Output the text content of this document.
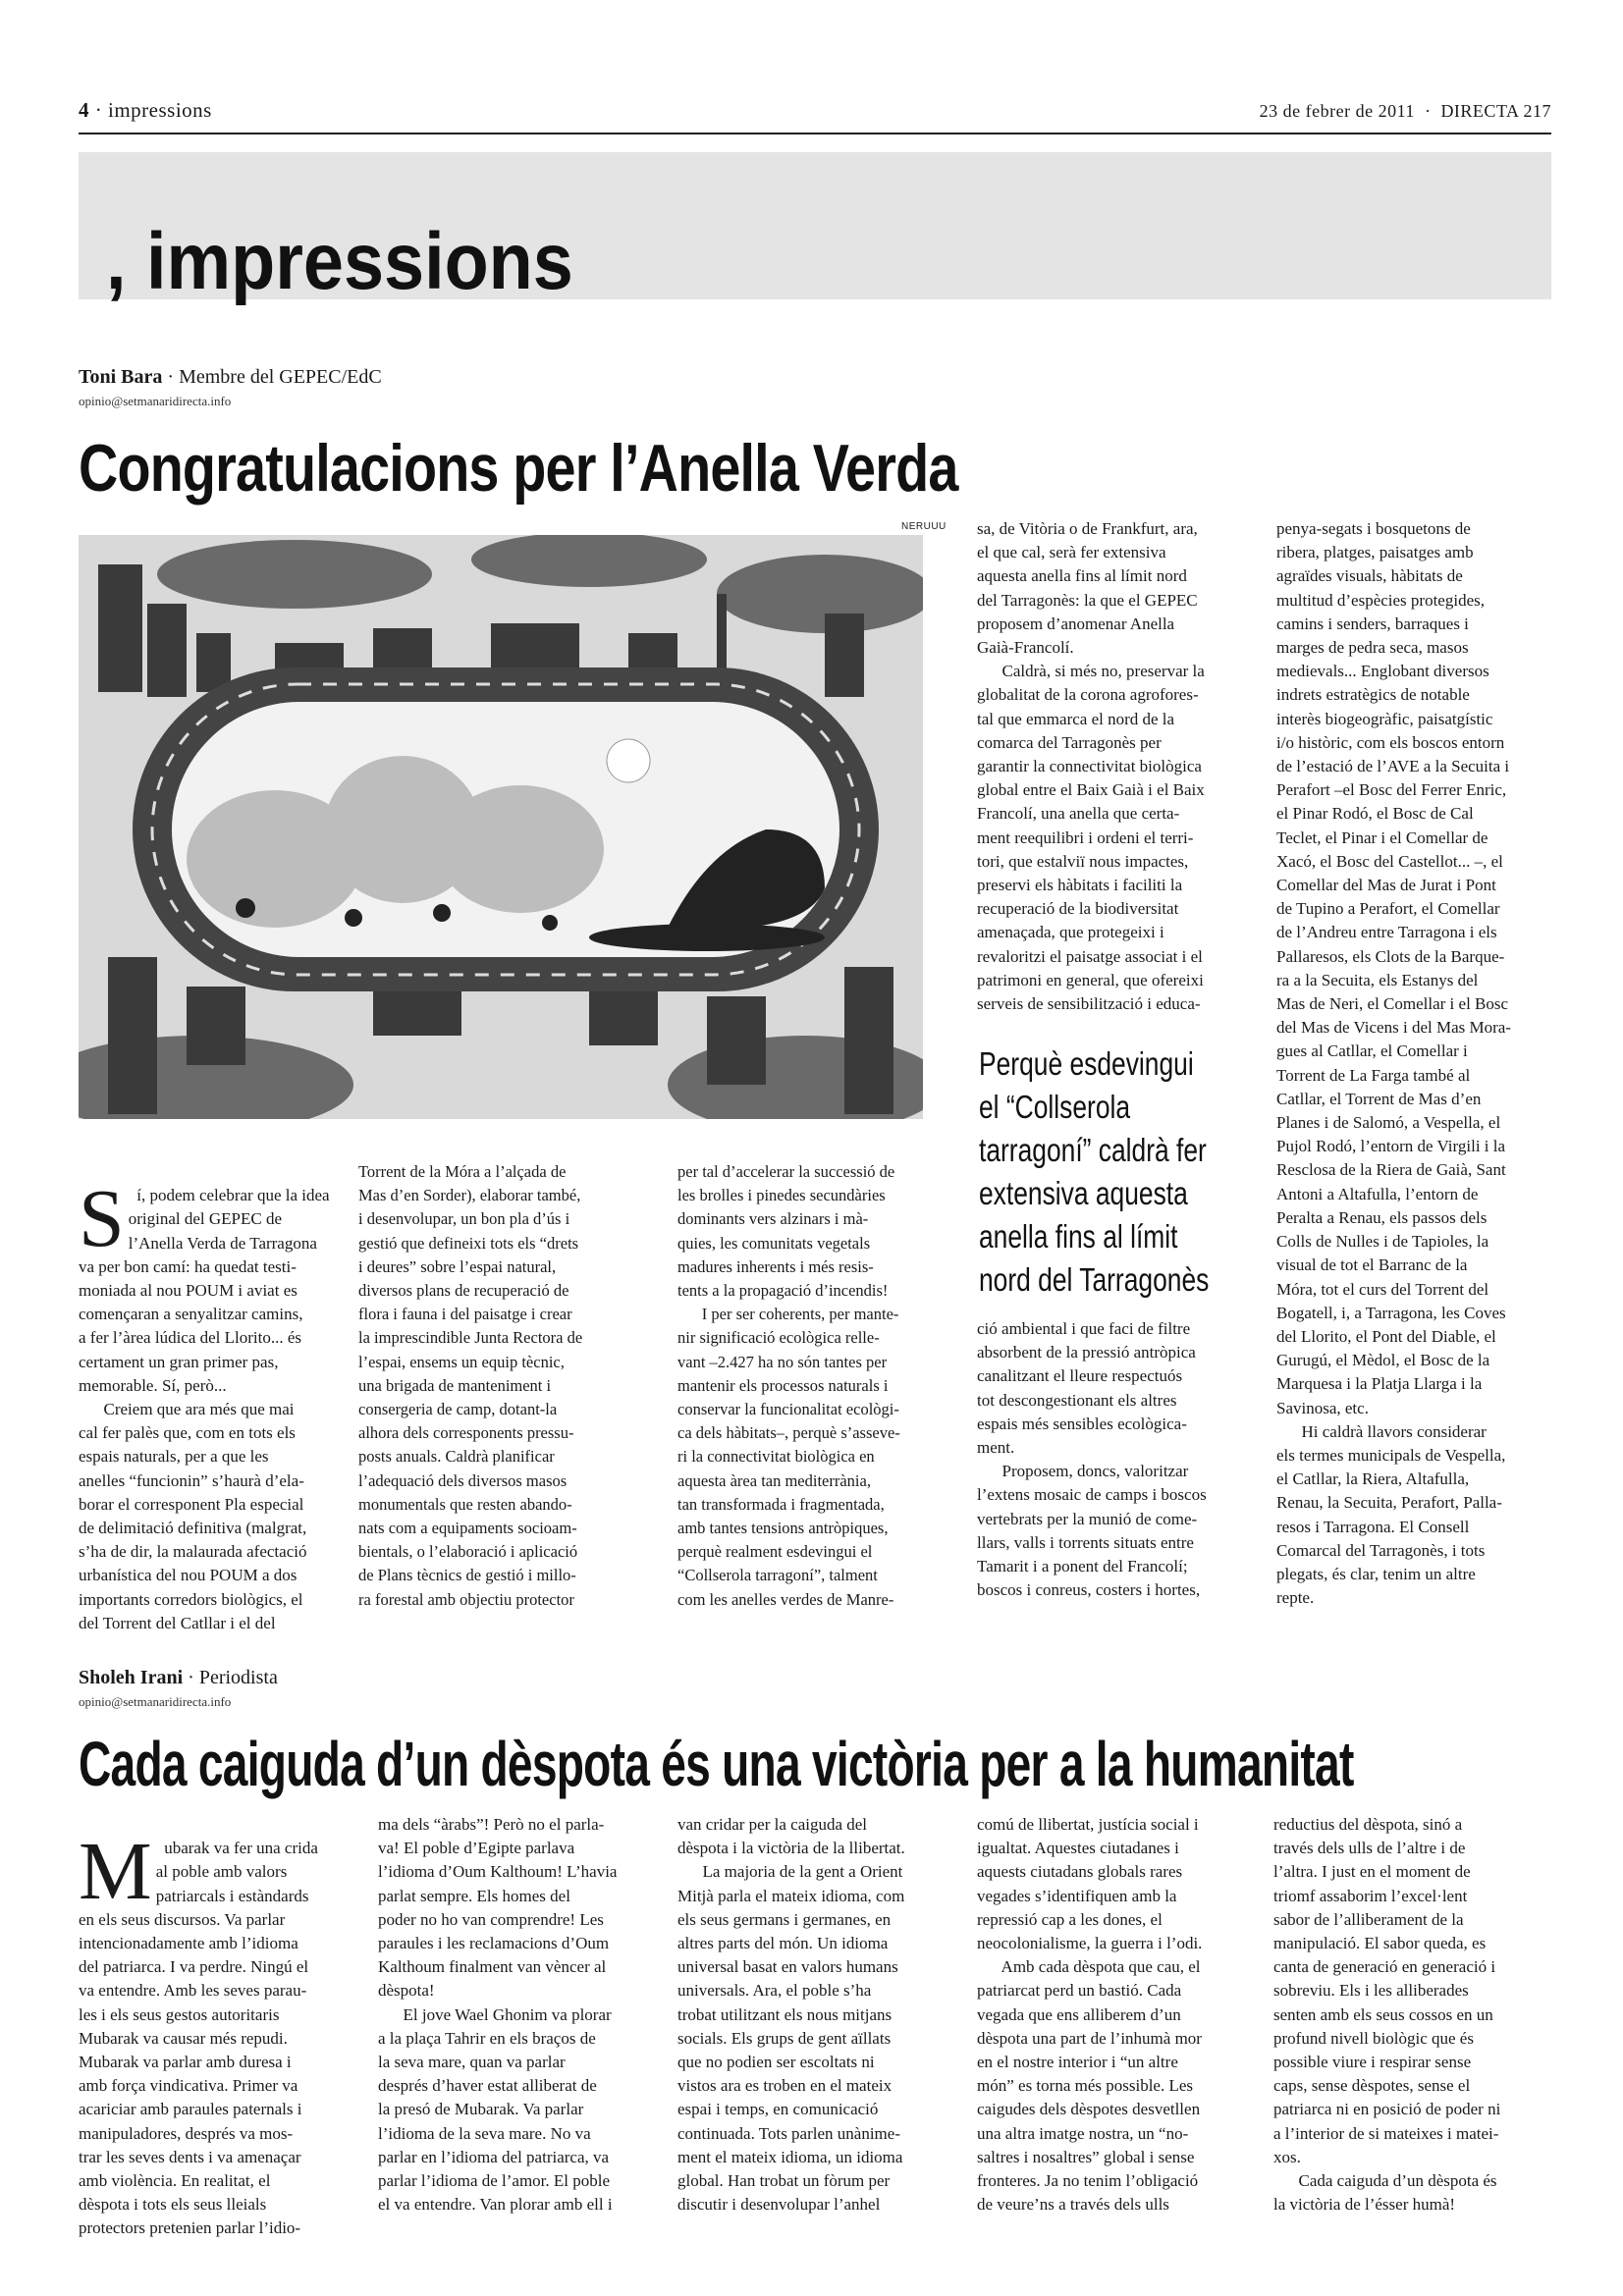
4 · impressions	23 de febrer de 2011  ·  DIRECTA 217
, impressions
Toni Bara · Membre del GEPEC/EdC
opinio@setmanaridirecta.info
Congratulacions per l’Anella Verda
NERUUU

Sí, podem celebrar que la idea
original del GEPEC de
l’Anella Verda de Tarragona
va per bon camí: ha quedat testi-
moniada al nou POUM i aviat es
començaran a senyalitzar camins,
a fer l’àrea lúdica del Llorito... és
certament un gran primer pas,
memorable. Sí, però...
Creiem que ara més que mai
cal fer palès que, com en tots els
espais naturals, per a que les
anelles “funcionin” s’haurà d’ela-
borar el corresponent Pla especial
de delimitació definitiva (malgrat,
s’ha de dir, la malaurada afectació
urbanística del nou POUM a dos
importants corredors biològics, el
del Torrent del Catllar i el del

Torrent de la Móra a l’alçada de
Mas d’en Sorder), elaborar també,
i desenvolupar, un bon pla d’ús i
gestió que defineixi tots els “drets
i deures” sobre l’espai natural,
diversos plans de recuperació de
flora i fauna i del paisatge i crear
la imprescindible Junta Rectora de
l’espai, ensems un equip tècnic,
una brigada de manteniment i
consergeria de camp, dotant-la
alhora dels corresponents pressu-
posts anuals. Caldrà planificar
l’adequació dels diversos masos
monumentals que resten abando-
nats com a equipaments socioam-
bientals, o l’elaboració i aplicació
de Plans tècnics de gestió i millo-
ra forestal amb objectiu protector
per tal d’accelerar la successió de
les brolles i pinedes secundàries
dominants vers alzinars i mà-
quies, les comunitats vegetals
madures inherents i més resis-
tents a la propagació d’incendis!
I per ser coherents, per mante-
nir significació ecològica relle-
vant –2.427 ha no són tantes per
mantenir els processos naturals i
conservar la funcionalitat ecològi-
ca dels hàbitats–, perquè s’asseve-
ri la connectivitat biològica en
aquesta àrea tan mediterrània,
tan transformada i fragmentada,
amb tantes tensions antròpiques,
perquè realment esdevingui el
“Collserola tarragoní”, talment
com les anelles verdes de Manre-
sa, de Vitòria o de Frankfurt, ara,
el que cal, serà fer extensiva
aquesta anella fins al límit nord
del Tarragonès: la que el GEPEC
proposem d’anomenar Anella
Gaià-Francolí.
Caldrà, si més no, preservar la
globalitat de la corona agrofores-
tal que emmarca el nord de la
comarca del Tarragonès per
garantir la connectivitat biològica
global entre el Baix Gaià i el Baix
Francolí, una anella que certa-
ment reequilibri i ordeni el terri-
tori, que estalviï nous impactes,
preservi els hàbitats i faciliti la
recuperació de la biodiversitat
amenaçada, que protegeixi i
revaloritzi el paisatge associat i el
patrimoni en general, que ofereixi
serveis de sensibilització i educa-
Perquè esdevingui
el “Collserola
tarragoní” caldrà fer
extensiva aquesta
anella fins al límit
nord del Tarragonès
ció ambiental i que faci de filtre
absorbent de la pressió antròpica
canalitzant el lleure respectuós
tot descongestionant els altres
espais més sensibles ecològica-
ment.
Proposem, doncs, valoritzar
l’extens mosaic de camps i boscos
vertebrats per la munió de come-
llars, valls i torrents situats entre
Tamarit i a ponent del Francolí;
boscos i conreus, costers i hortes,
penya-segats i bosquetons de
ribera, platges, paisatges amb
agraïdes visuals, hàbitats de
multitud d’espècies protegides,
camins i senders, barraques i
marges de pedra seca, masos
medievals... Englobant diversos
indrets estratègics de notable
interès biogeogràfic, paisatgístic
i/o històric, com els boscos entorn
de l’estació de l’AVE a la Secuita i
Perafort –el Bosc del Ferrer Enric,
el Pinar Rodó, el Bosc de Cal
Teclet, el Pinar i el Comellar de
Xacó, el Bosc del Castellot... –, el
Comellar del Mas de Jurat i Pont
de Tupino a Perafort, el Comellar
de l’Andreu entre Tarragona i els
Pallaresos, els Clots de la Barque-
ra a la Secuita, els Estanys del
Mas de Neri, el Comellar i el Bosc
del Mas de Vicens i del Mas Mora-
gues al Catllar, el Comellar i
Torrent de La Farga també al
Catllar, el Torrent de Mas d’en
Planes i de Salomó, a Vespella, el
Pujol Rodó, l’entorn de Virgili i la
Resclosa de la Riera de Gaià, Sant
Antoni a Altafulla, l’entorn de
Peralta a Renau, els passos dels
Colls de Nulles i de Tapioles, la
visual de tot el Barranc de la
Móra, tot el curs del Torrent del
Bogatell, i, a Tarragona, les Coves
del Llorito, el Pont del Diable, el
Gurugú, el Mèdol, el Bosc de la
Marquesa i la Platja Llarga i la
Savinosa, etc.
Hi caldrà llavors considerar
els termes municipals de Vespella,
el Catllar, la Riera, Altafulla,
Renau, la Secuita, Perafort, Palla-
resos i Tarragona. El Consell
Comarcal del Tarragonès, i tots
plegats, és clar, tenim un altre
repte.
Sholeh Irani · Periodista
opinio@setmanaridirecta.info
Cada caiguda d’un dèspota és una victòria per a la humanitat

Mubarak va fer una crida
al poble amb valors
patriarcals i estàndards
en els seus discursos. Va parlar
intencionadamente amb l’idioma
del patriarca. I va perdre. Ningú el
va entendre. Amb les seves parau-
les i els seus gestos autoritaris
Mubarak va causar més repudi.
Mubarak va parlar amb duresa i
amb força vindicativa. Primer va
acariciar amb paraules paternals i
manipuladores, després va mos-
trar les seves dents i va amenaçar
amb violència. En realitat, el
dèspota i tots els seus lleials
protectors pretenien parlar l’idio-

ma dels “àrabs”! Però no el parla-
va! El poble d’Egipte parlava
l’idioma d’Oum Kalthoum! L’havia
parlat sempre. Els homes del
poder no ho van comprendre! Les
paraules i les reclamacions d’Oum
Kalthoum finalment van vèncer al
dèspota!
El jove Wael Ghonim va plorar
a la plaça Tahrir en els braços de
la seva mare, quan va parlar
després d’haver estat alliberat de
la presó de Mubarak. Va parlar
l’idioma de la seva mare. No va
parlar en l’idioma del patriarca, va
parlar l’idioma de l’amor. El poble
el va entendre. Van plorar amb ell i
van cridar per la caiguda del
dèspota i la victòria de la llibertat.
La majoria de la gent a Orient
Mitjà parla el mateix idioma, com
els seus germans i germanes, en
altres parts del món. Un idioma
universal basat en valors humans
universals. Ara, el poble s’ha
trobat utilitzant els nous mitjans
socials. Els grups de gent aïllats
que no podien ser escoltats ni
vistos ara es troben en el mateix
espai i temps, en comunicació
continuada. Tots parlen unànime-
ment el mateix idioma, un idioma
global. Han trobat un fòrum per
discutir i desenvolupar l’anhel
comú de llibertat, justícia social i
igualtat. Aquestes ciutadanes i
aquests ciutadans globals rares
vegades s’identifiquen amb la
repressió cap a les dones, el
neocolonialisme, la guerra i l’odi.
Amb cada dèspota que cau, el
patriarcat perd un bastió. Cada
vegada que ens alliberem d’un
dèspota una part de l’inhumà mor
en el nostre interior i “un altre
món” es torna més possible. Les
caigudes dels dèspotes desvetllen
una altra imatge nostra, un “no-
saltres i nosaltres” global i sense
fronteres. Ja no tenim l’obligació
de veure’ns a través dels ulls
reductius del dèspota, sinó a
través dels ulls de l’altre i de
l’altra. I just en el moment de
triomf assaborim l’excel·lent
sabor de l’alliberament de la
manipulació. El sabor queda, es
canta de generació en generació i
sobreviu. Els i les alliberades
senten amb els seus cossos en un
profund nivell biològic que és
possible viure i respirar sense
caps, sense dèspotes, sense el
patriarca ni en posició de poder ni
a l’interior de si mateixes i matei-
xos.
Cada caiguda d’un dèspota és
la victòria de l’ésser humà!
